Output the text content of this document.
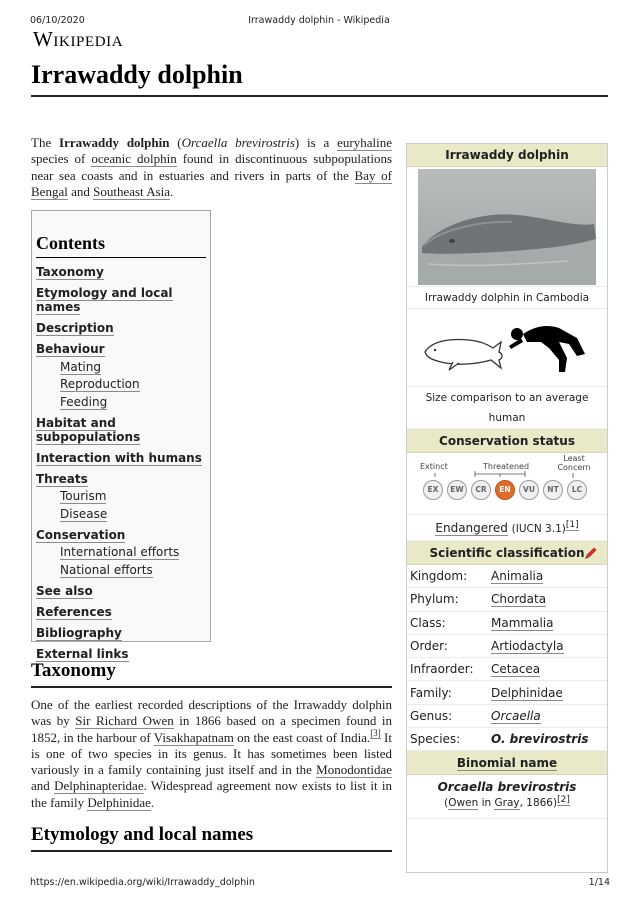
06/10/2020	Irrawaddy dolphin - Wikipedia
Wikipedia
Irrawaddy dolphin

The Irrawaddy dolphin (Orcaella brevirostris) is a euryhaline species of oceanic dolphin found in discontinuous subpopulations near sea coasts and in estuaries and rivers in parts of the Bay of Bengal and Southeast Asia.

Contents
Taxonomy
Etymology and local names
Description
Behaviour
Mating
Reproduction
Feeding
Habitat and subpopulations
Interaction with humans
Threats
Tourism
Disease
Conservation
International efforts
National efforts
See also
References
Bibliography
External links
Taxonomy

One of the earliest recorded descriptions of the Irrawaddy dolphin was by Sir Richard Owen in 1866 based on a specimen found in 1852, in the harbour of Visakhapatnam on the east coast of India.[3] It is one of two species in its genus. It has sometimes been listed variously in a family containing just itself and in the Monodontidae and Delphinapteridae. Widespread agreement now exists to list it in the family Delphinidae.

Etymology and local names
Irrawaddy dolphin
Irrawaddy dolphin in Cambodia
Size comparison to an average human
Conservation status
Extinct	Threatened
Least Concern
EX	EW	CR	EN	VU	NT	LC
Endangered (IUCN 3.1)[1]
Scientific classification
Kingdom:	Animalia
Phylum:	Chordata
Class:	Mammalia
Order:	Artiodactyla
Infraorder:	Cetacea
Family:	Delphinidae
Genus:	Orcaella
Species:	O. brevirostris
Binomial name
Orcaella brevirostris
(Owen in Gray, 1866)[2]
https://en.wikipedia.org/wiki/Irrawaddy_dolphin	1/14
